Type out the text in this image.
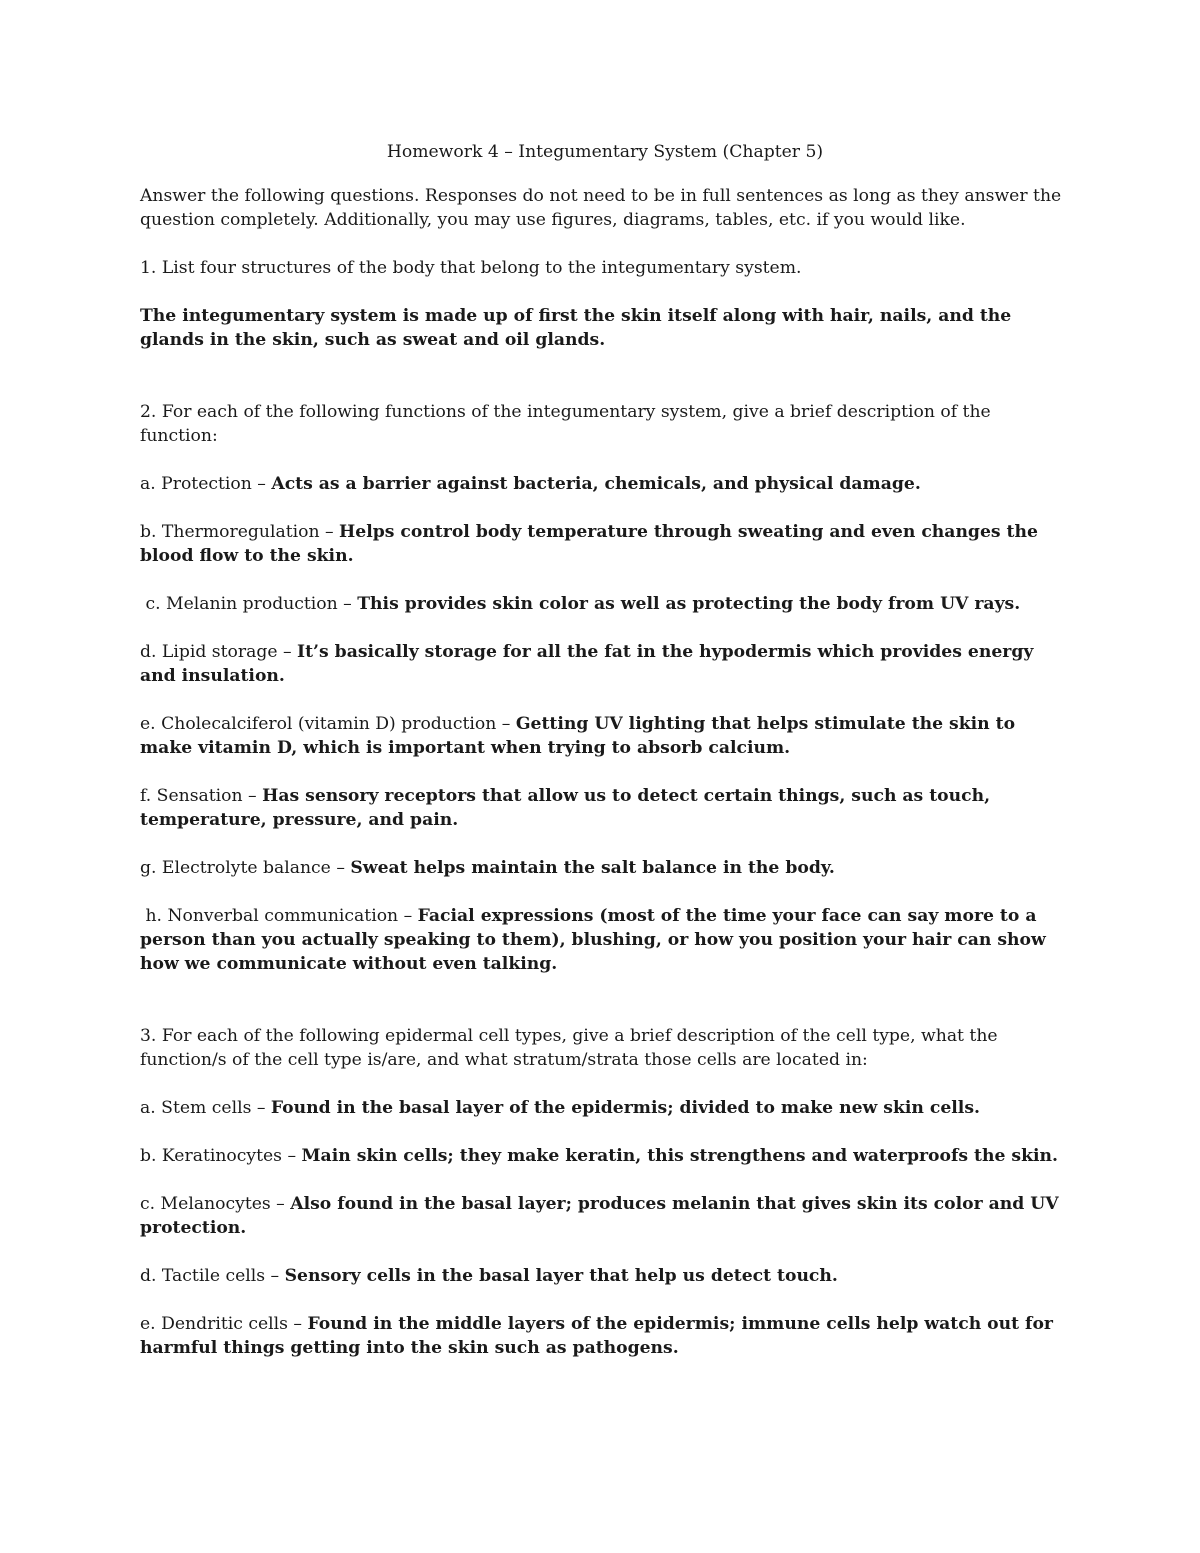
Homework 4 – Integumentary System (Chapter 5)

Answer the following questions. Responses do not need to be in full sentences as long as they answer the question completely. Additionally, you may use figures, diagrams, tables, etc. if you would like.

1. List four structures of the body that belong to the integumentary system.

The integumentary system is made up of first the skin itself along with hair, nails, and the glands in the skin, such as sweat and oil glands.

2. For each of the following functions of the integumentary system, give a brief description of the function:

a. Protection – Acts as a barrier against bacteria, chemicals, and physical damage.

b. Thermoregulation – Helps control body temperature through sweating and even changes the blood flow to the skin.

c. Melanin production – This provides skin color as well as protecting the body from UV rays.

d. Lipid storage – It’s basically storage for all the fat in the hypodermis which provides energy and insulation.

e. Cholecalciferol (vitamin D) production – Getting UV lighting that helps stimulate the skin to make vitamin D, which is important when trying to absorb calcium.

f. Sensation – Has sensory receptors that allow us to detect certain things, such as touch, temperature, pressure, and pain.

g. Electrolyte balance – Sweat helps maintain the salt balance in the body.

h. Nonverbal communication – Facial expressions (most of the time your face can say more to a person than you actually speaking to them), blushing, or how you position your hair can show how we communicate without even talking.

3. For each of the following epidermal cell types, give a brief description of the cell type, what the function/s of the cell type is/are, and what stratum/strata those cells are located in:

a. Stem cells – Found in the basal layer of the epidermis; divided to make new skin cells.

b. Keratinocytes – Main skin cells; they make keratin, this strengthens and waterproofs the skin.

c. Melanocytes – Also found in the basal layer; produces melanin that gives skin its color and UV protection.

d. Tactile cells – Sensory cells in the basal layer that help us detect touch.

e. Dendritic cells – Found in the middle layers of the epidermis; immune cells help watch out for harmful things getting into the skin such as pathogens.
